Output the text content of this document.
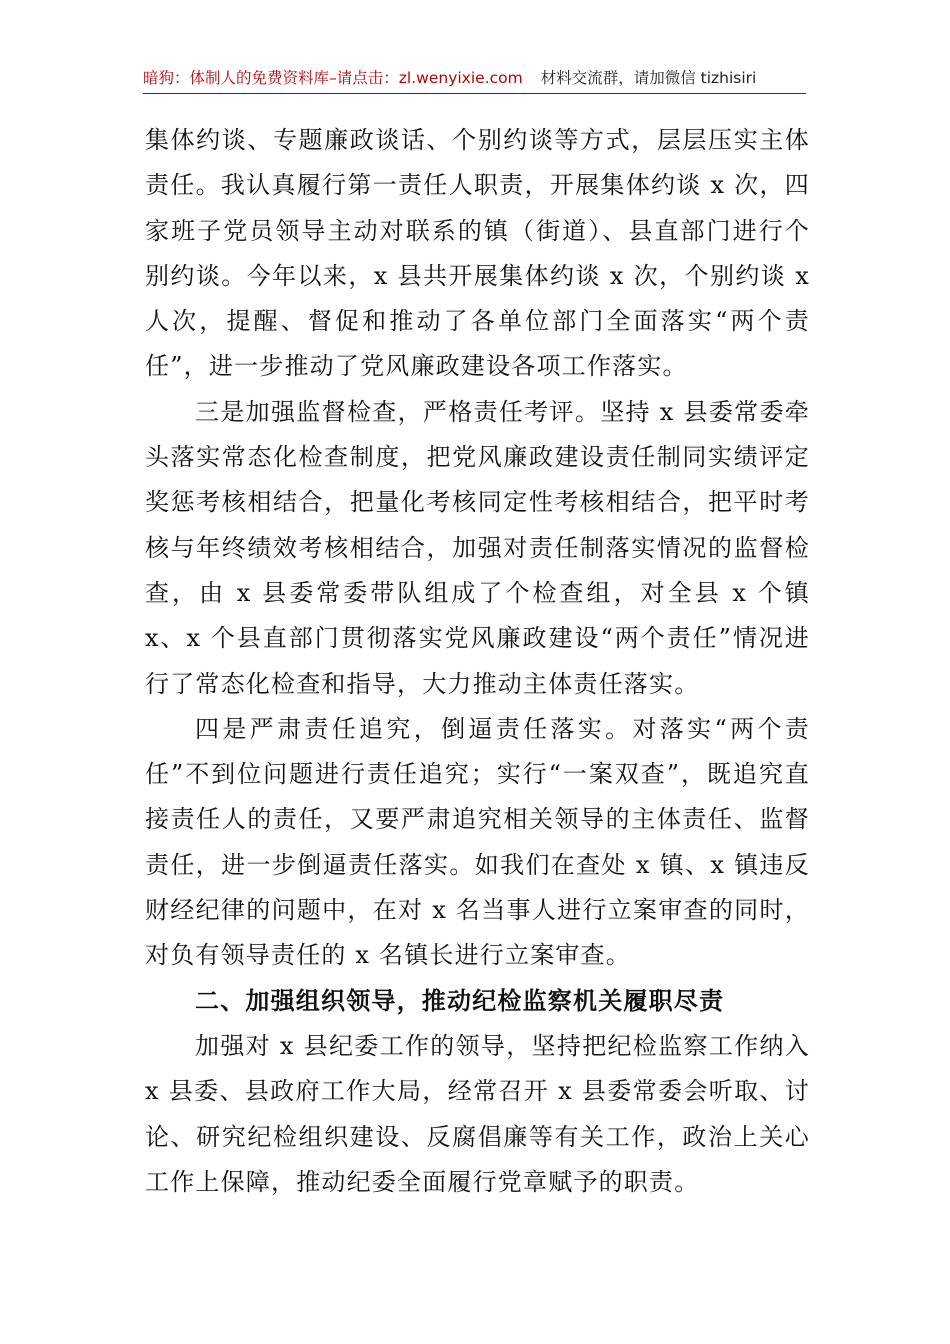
暗狗：体制人的免费资料库–请点击：zl.wenyixie.com 材料交流群，请加微信 tizhisiri

集体约谈、专题廉政谈话、个别约谈等方式，层层压实主体责任。我认真履行第一责任人职责，开展集体约谈 x 次，四家班子党员领导主动对联系的镇（街道）、县直部门进行个别约谈。今年以来，x 县共开展集体约谈 x 次，个别约谈 x 人次，提醒、督促和推动了各单位部门全面落实“两个责任”，进一步推动了党风廉政建设各项工作落实。

三是加强监督检查，严格责任考评。坚持 x 县委常委牵头落实常态化检查制度，把党风廉政建设责任制同实绩评定奖惩考核相结合，把量化考核同定性考核相结合，把平时考核与年终绩效考核相结合，加强对责任制落实情况的监督检查，由 x 县委常委带队组成了个检查组，对全县 x 个镇 x、x 个县直部门贯彻落实党风廉政建设“两个责任”情况进行了常态化检查和指导，大力推动主体责任落实。

四是严肃责任追究，倒逼责任落实。对落实“两个责任”不到位问题进行责任追究；实行“一案双查”，既追究直接责任人的责任，又要严肃追究相关领导的主体责任、监督责任，进一步倒逼责任落实。如我们在查处 x 镇、x 镇违反财经纪律的问题中，在对 x 名当事人进行立案审查的同时，对负有领导责任的 x 名镇长进行立案审查。

二、加强组织领导，推动纪检监察机关履职尽责

加强对 x 县纪委工作的领导，坚持把纪检监察工作纳入 x 县委、县政府工作大局，经常召开 x 县委常委会听取、讨论、研究纪检组织建设、反腐倡廉等有关工作，政治上关心工作上保障，推动纪委全面履行党章赋予的职责。
